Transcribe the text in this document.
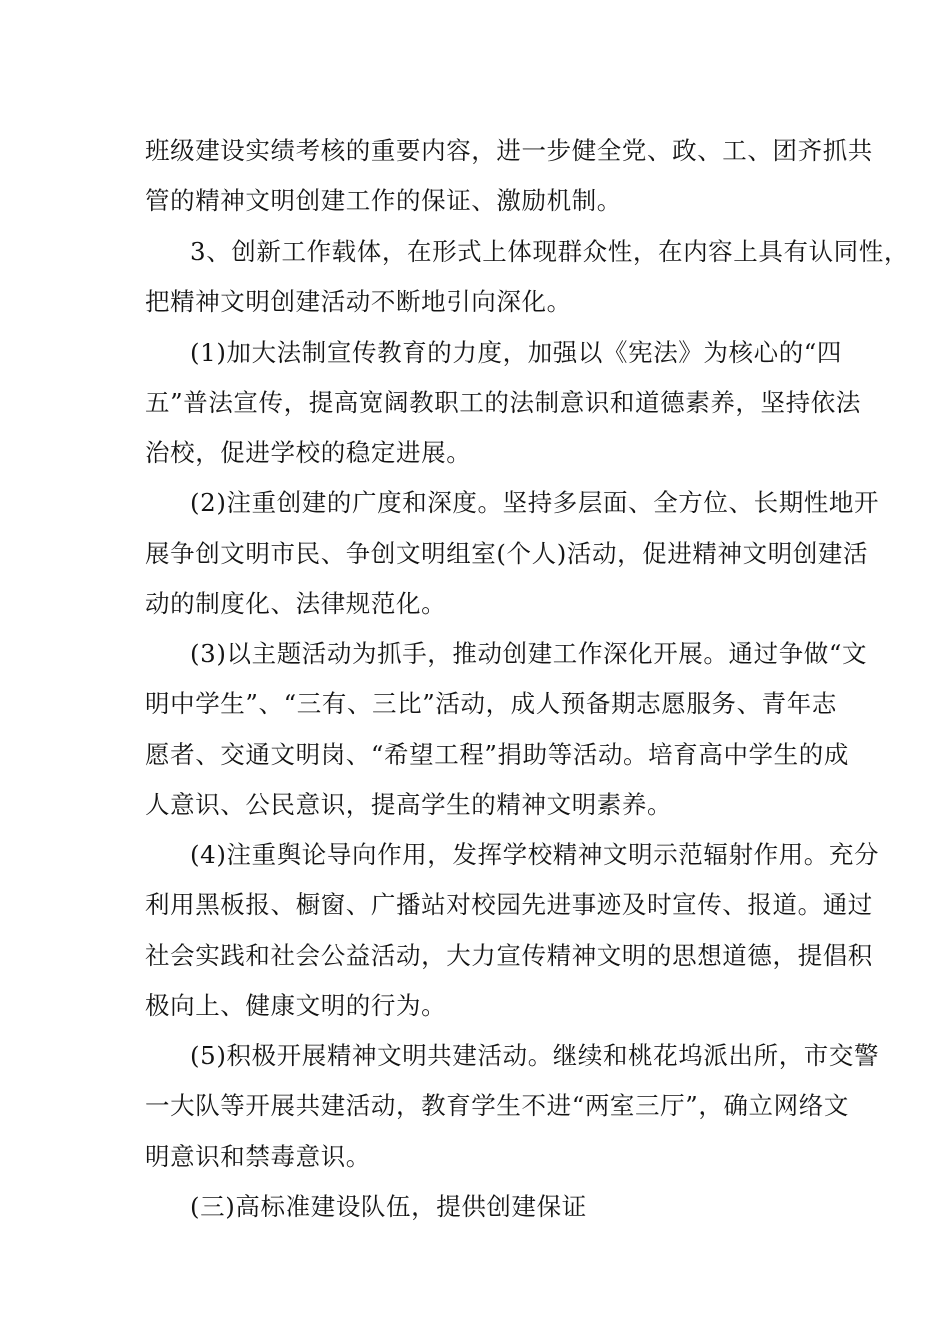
班级建设实绩考核的重要内容，进一步健全党、政、工、团齐抓共
管的精神文明创建工作的保证、激励机制。
3、创新工作载体，在形式上体现群众性，在内容上具有认同性，
把精神文明创建活动不断地引向深化。
(1)加大法制宣传教育的力度，加强以《宪法》为核心的“四
五”普法宣传，提高宽阔教职工的法制意识和道德素养，坚持依法
治校，促进学校的稳定进展。
(2)注重创建的广度和深度。坚持多层面、全方位、长期性地开
展争创文明市民、争创文明组室(个人)活动，促进精神文明创建活
动的制度化、法律规范化。
(3)以主题活动为抓手，推动创建工作深化开展。通过争做“文
明中学生”、“三有、三比”活动，成人预备期志愿服务、青年志
愿者、交通文明岗、“希望工程”捐助等活动。培育高中学生的成
人意识、公民意识，提高学生的精神文明素养。
(4)注重舆论导向作用，发挥学校精神文明示范辐射作用。充分
利用黑板报、橱窗、广播站对校园先进事迹及时宣传、报道。通过
社会实践和社会公益活动，大力宣传精神文明的思想道德，提倡积
极向上、健康文明的行为。
(5)积极开展精神文明共建活动。继续和桃花坞派出所，市交警
一大队等开展共建活动，教育学生不进“两室三厅”，确立网络文
明意识和禁毒意识。
(三)高标准建设队伍，提供创建保证
